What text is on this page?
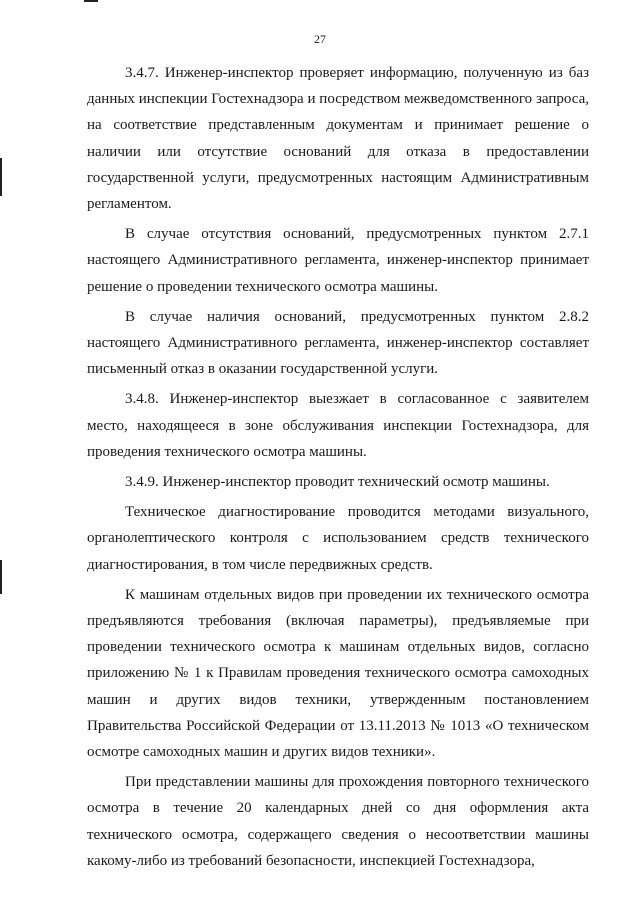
27

3.4.7. Инженер-инспектор проверяет информацию, полученную из баз данных инспекции Гостехнадзора и посредством межведомственного запроса, на соответствие представленным документам и принимает решение о наличии или отсутствие оснований для отказа в предоставлении государственной услуги, предусмотренных настоящим Административным регламентом.

В случае отсутствия оснований, предусмотренных пунктом 2.7.1 настоящего Административного регламента, инженер-инспектор принимает решение о проведении технического осмотра машины.

В случае наличия оснований, предусмотренных пунктом 2.8.2 настоящего Административного регламента, инженер-инспектор составляет письменный отказ в оказании государственной услуги.

3.4.8. Инженер-инспектор выезжает в согласованное с заявителем место, находящееся в зоне обслуживания инспекции Гостехнадзора, для проведения технического осмотра машины.

3.4.9. Инженер-инспектор проводит технический осмотр машины.

Техническое диагностирование проводится методами визуального, органолептического контроля с использованием средств технического диагностирования, в том числе передвижных средств.

К машинам отдельных видов при проведении их технического осмотра предъявляются требования (включая параметры), предъявляемые при проведении технического осмотра к машинам отдельных видов, согласно приложению № 1 к Правилам проведения технического осмотра самоходных машин и других видов техники, утвержденным постановлением Правительства Российской Федерации от 13.11.2013 № 1013 «О техническом осмотре самоходных машин и других видов техники».

При представлении машины для прохождения повторного технического осмотра в течение 20 календарных дней со дня оформления акта технического осмотра, содержащего сведения о несоответствии машины какому-либо из требований безопасности, инспекцией Гостехнадзора,
